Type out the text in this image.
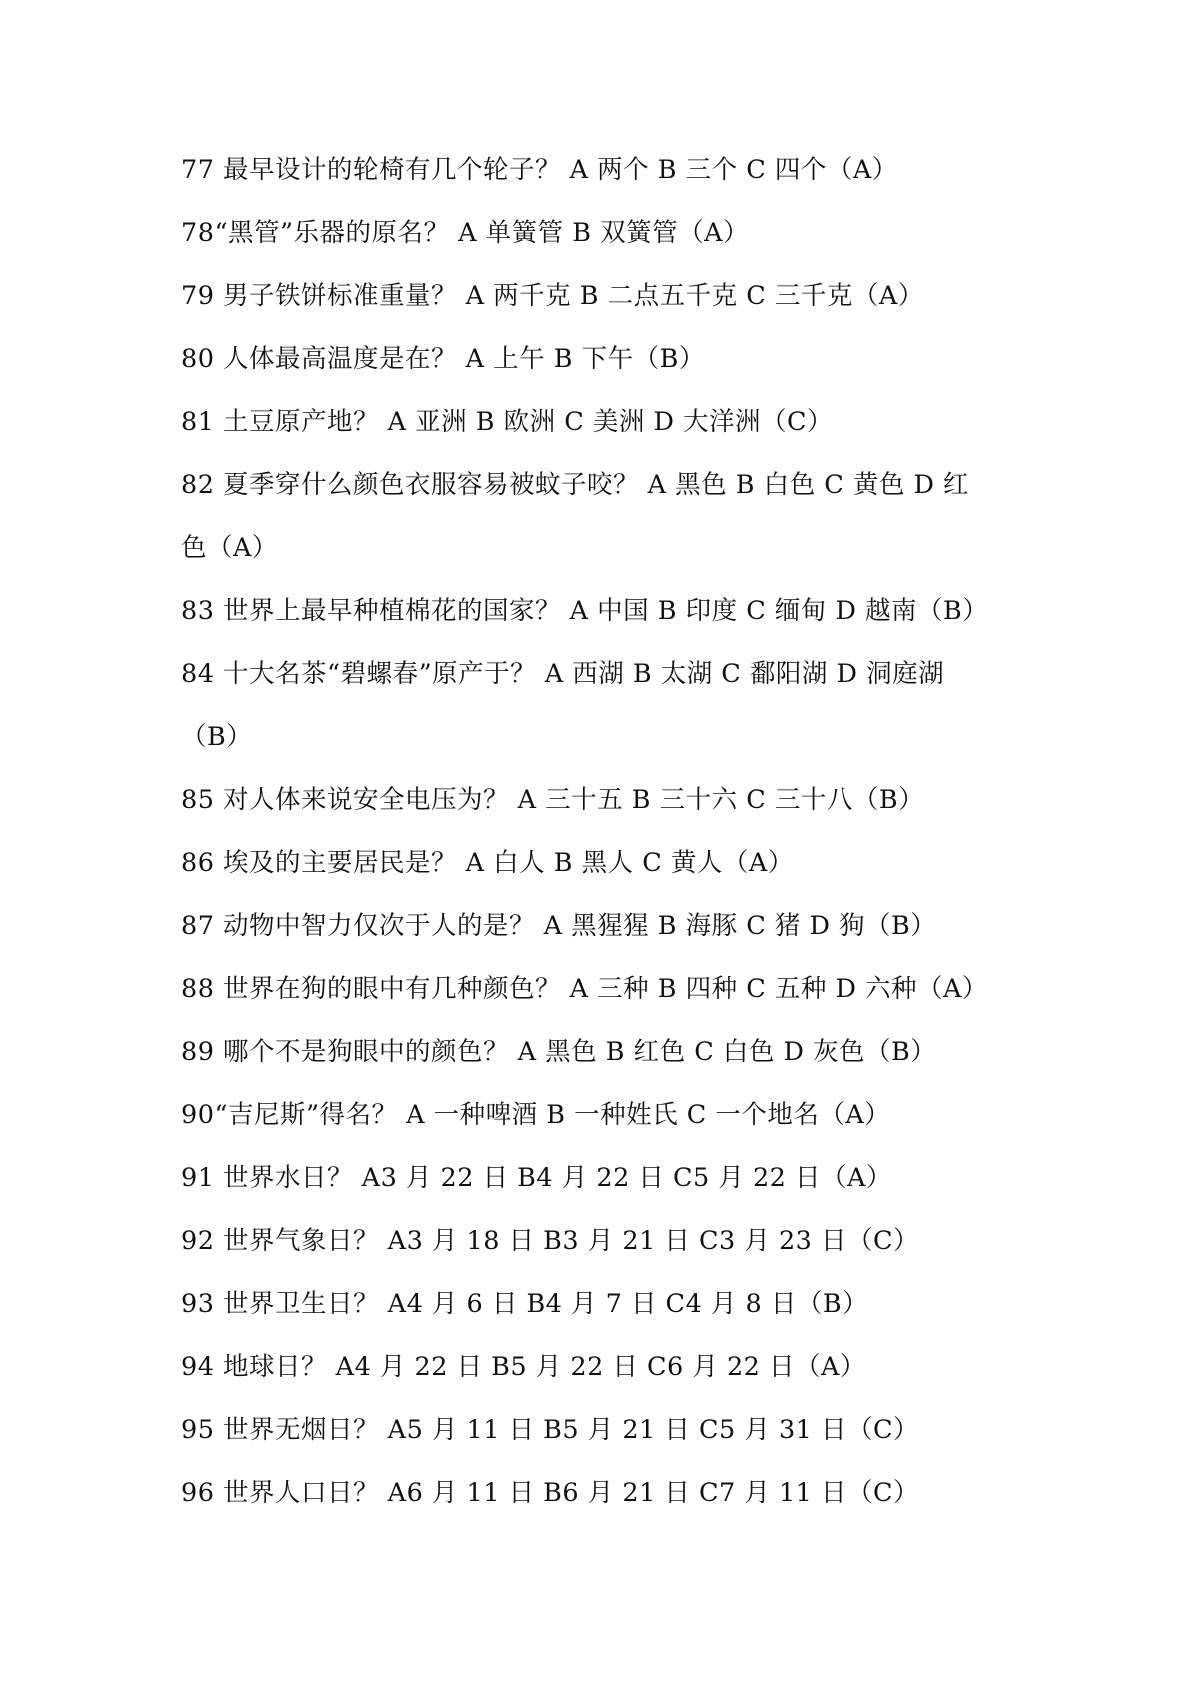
77 最早设计的轮椅有几个轮子？ A 两个 B 三个 C 四个（A）
78“黑管”乐器的原名？ A 单簧管 B 双簧管（A）
79 男子铁饼标准重量？ A 两千克 B 二点五千克 C 三千克（A）
80 人体最高温度是在？ A 上午 B 下午（B）
81 土豆原产地？ A 亚洲 B 欧洲 C 美洲 D 大洋洲（C）
82 夏季穿什么颜色衣服容易被蚊子咬？ A 黑色 B 白色 C 黄色 D 红
色（A）
83 世界上最早种植棉花的国家？ A 中国 B 印度 C 缅甸 D 越南（B）
84 十大名茶“碧螺春”原产于？ A 西湖 B 太湖 C 鄱阳湖 D 洞庭湖
（B）
85 对人体来说安全电压为？ A 三十五 B 三十六 C 三十八（B）
86 埃及的主要居民是？ A 白人 B 黑人 C 黄人（A）
87 动物中智力仅次于人的是？ A 黑猩猩 B 海豚 C 猪 D 狗（B）
88 世界在狗的眼中有几种颜色？ A 三种 B 四种 C 五种 D 六种（A）
89 哪个不是狗眼中的颜色？ A 黑色 B 红色 C 白色 D 灰色（B）
90“吉尼斯”得名？ A 一种啤酒 B 一种姓氏 C 一个地名（A）
91 世界水日？ A3 月 22 日 B4 月 22 日 C5 月 22 日（A）
92 世界气象日？ A3 月 18 日 B3 月 21 日 C3 月 23 日（C）
93 世界卫生日？ A4 月 6 日 B4 月 7 日 C4 月 8 日（B）
94 地球日？ A4 月 22 日 B5 月 22 日 C6 月 22 日（A）
95 世界无烟日？ A5 月 11 日 B5 月 21 日 C5 月 31 日（C）
96 世界人口日？ A6 月 11 日 B6 月 21 日 C7 月 11 日（C）
